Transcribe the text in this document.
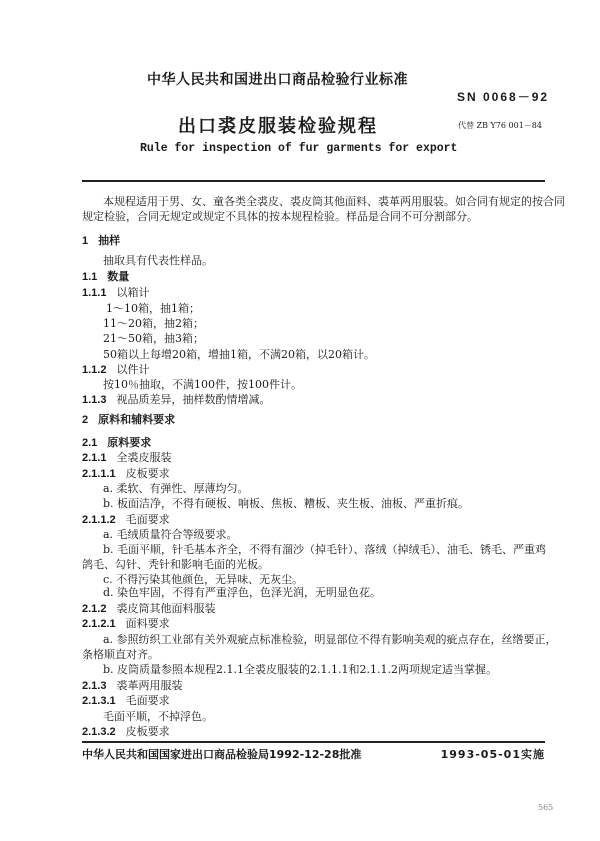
中华人民共和国进出口商品检验行业标准
SN 0068－92
出口裘皮服装检验规程	代替 ZB Y76 001－84
Rule for inspection of fur garments for export
本规程适用于男、女、童各类全裘皮、裘皮筒其他面料、裘革两用服装。如合同有规定的按合同
规定检验，合同无规定或规定不具体的按本规程检验。样品是合同不可分割部分。
1 抽样
抽取具有代表性样品。
1.1 数量
1.1.1 以箱计
1～10箱，抽1箱；
11～20箱，抽2箱；
21～50箱，抽3箱；
50箱以上每增20箱，增抽1箱，不满20箱，以20箱计。
1.1.2 以件计
按10％抽取，不满100件，按100件计。
1.1.3 视品质差异，抽样数酌情增减。
2 原料和辅料要求
2.1 原料要求
2.1.1 全裘皮服装
2.1.1.1 皮板要求
a. 柔软、有弹性、厚薄均匀。
b. 板面洁净，不得有硬板、响板、焦板、糟板、夹生板、油板、严重折痕。
2.1.1.2 毛面要求
a. 毛绒质量符合等级要求。
b. 毛面平顺，针毛基本齐全，不得有溜沙（掉毛针）、落绒（掉绒毛）、油毛、锈毛、严重鸡
鸽毛、勾针、秃针和影响毛面的光板。
c. 不得污染其他颜色，无异味、无灰尘。
d. 染色牢固，不得有严重浮色，色泽光润，无明显色花。
2.1.2 裘皮筒其他面料服装
2.1.2.1 面料要求
a. 参照纺织工业部有关外观疵点标准检验，明显部位不得有影响美观的疵点存在，丝绺要正，
条格顺直对齐。
b. 皮筒质量参照本规程2.1.1全裘皮服装的2.1.1.1和2.1.1.2两项规定适当掌握。
2.1.3 裘革两用服装
2.1.3.1 毛面要求
毛面平顺，不掉浮色。
2.1.3.2 皮板要求
中华人民共和国国家进出口商品检验局1992-12-28批准	1993-05-01实施
565
